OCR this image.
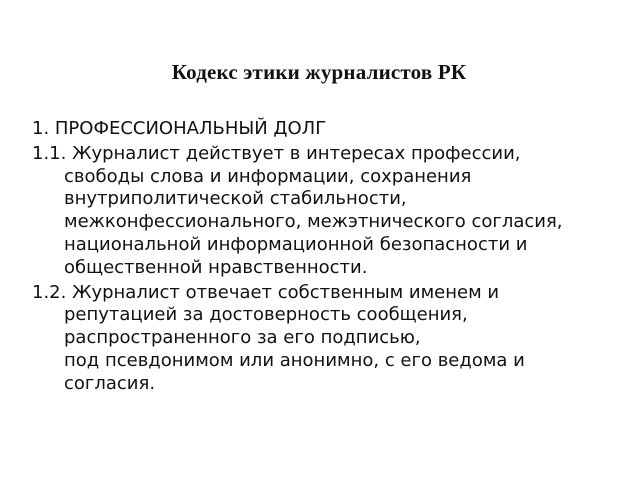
Кодекс этики журналистов РК
1. ПРОФЕССИОНАЛЬНЫЙ ДОЛГ
1.1. Журналист действует в интересах профессии,
свободы слова и информации, сохранения
внутриполитической стабильности,
межконфессионального, межэтнического согласия,
национальной информационной безопасности и
общественной нравственности.
1.2. Журналист отвечает собственным именем и
репутацией за достоверность сообщения,
распространенного за его подписью,
под псевдонимом или анонимно, с его ведома и
согласия.
